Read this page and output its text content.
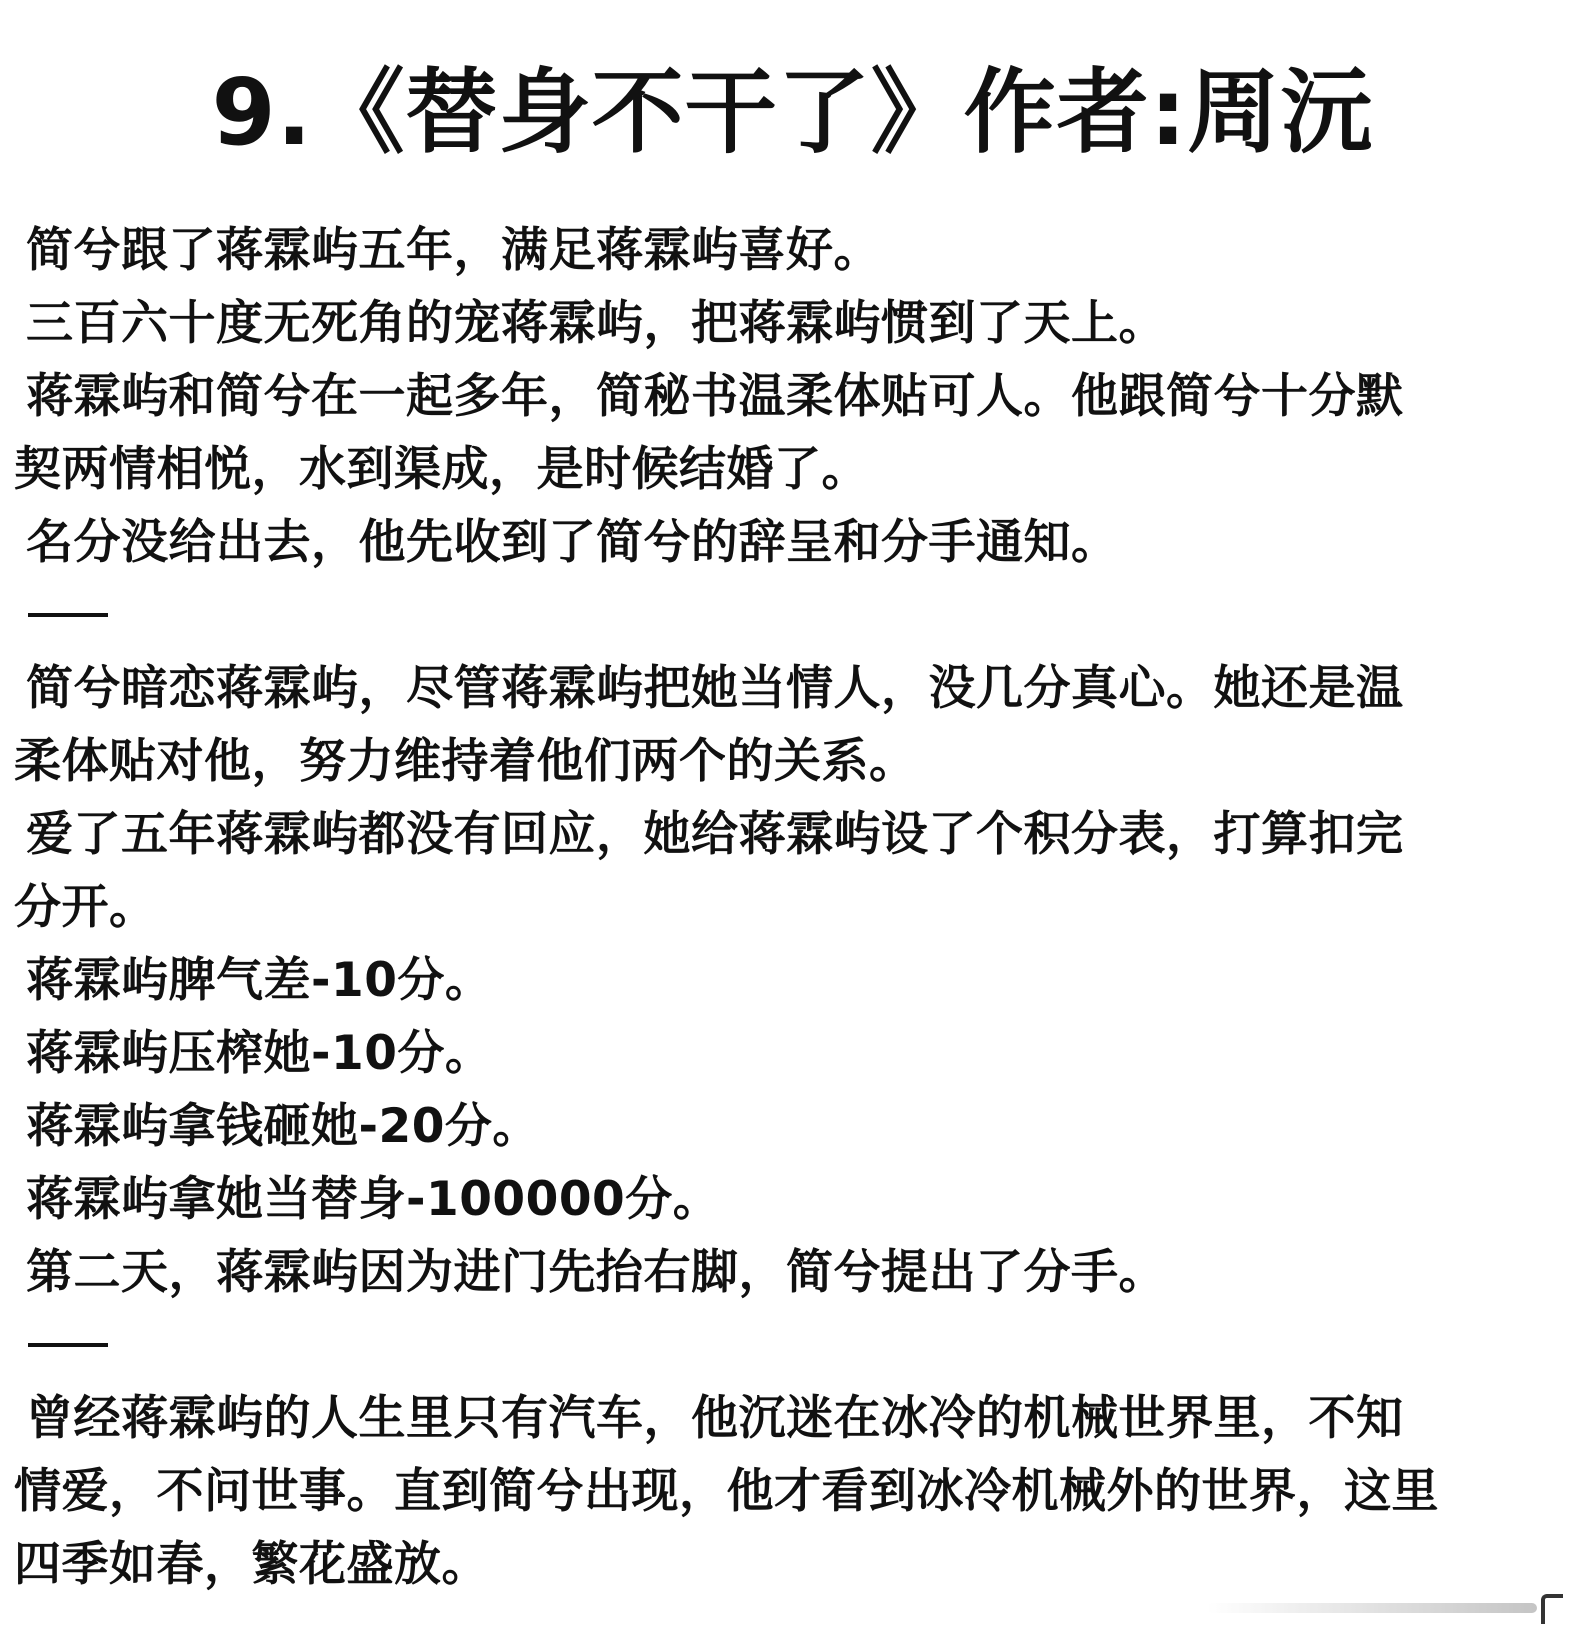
9.《替身不干了》作者:周沅
简兮跟了蒋霖屿五年，满足蒋霖屿喜好。
三百六十度无死角的宠蒋霖屿，把蒋霖屿惯到了天上。
蒋霖屿和简兮在一起多年，简秘书温柔体贴可人。他跟简兮十分默
契两情相悦，水到渠成，是时候结婚了。
名分没给出去，他先收到了简兮的辞呈和分手通知。
简兮暗恋蒋霖屿，尽管蒋霖屿把她当情人，没几分真心。她还是温
柔体贴对他，努力维持着他们两个的关系。
爱了五年蒋霖屿都没有回应，她给蒋霖屿设了个积分表，打算扣完
分开。
蒋霖屿脾气差-10分。
蒋霖屿压榨她-10分。
蒋霖屿拿钱砸她-20分。
蒋霖屿拿她当替身-100000分。
第二天，蒋霖屿因为进门先抬右脚，简兮提出了分手。
曾经蒋霖屿的人生里只有汽车，他沉迷在冰冷的机械世界里，不知
情爱，不问世事。直到简兮出现，他才看到冰冷机械外的世界，这里
四季如春，繁花盛放。
